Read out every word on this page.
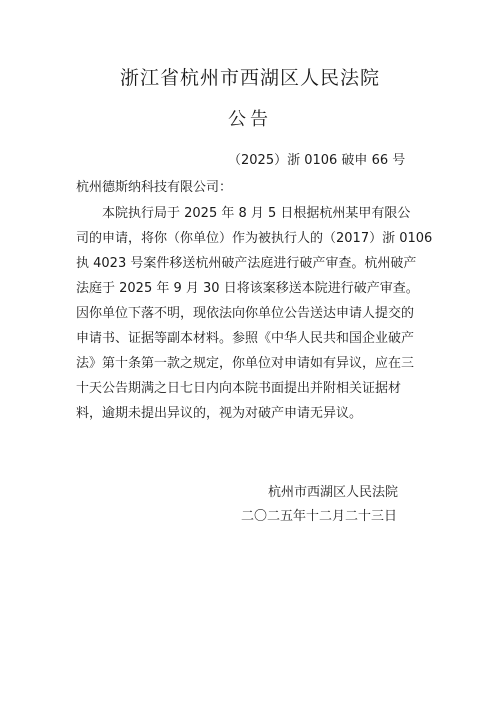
浙江省杭州市西湖区人民法院
公告
（2025）浙 0106 破申 66 号
杭州德斯纳科技有限公司：
本院执行局于 2025 年 8 月 5 日根据杭州某甲有限公
司的申请，将你（你单位）作为被执行人的（2017）浙 0106
执 4023 号案件移送杭州破产法庭进行破产审查。杭州破产
法庭于 2025 年 9 月 30 日将该案移送本院进行破产审查。
因你单位下落不明，现依法向你单位公告送达申请人提交的
申请书、证据等副本材料。参照《中华人民共和国企业破产
法》第十条第一款之规定，你单位对申请如有异议，应在三
十天公告期满之日七日内向本院书面提出并附相关证据材
料，逾期未提出异议的，视为对破产申请无异议。
杭州市西湖区人民法院
二〇二五年十二月二十三日
